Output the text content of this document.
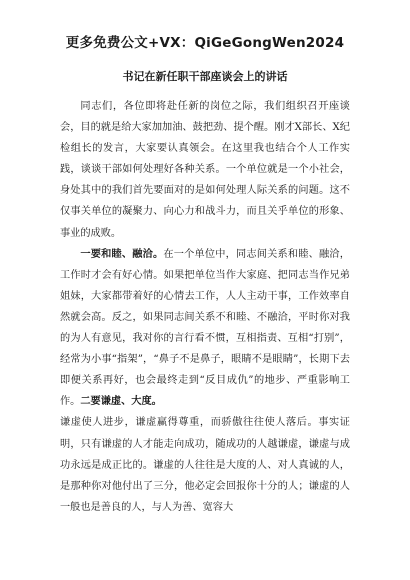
更多免费公文+VX：QiGeGongWen2024
书记在新任职干部座谈会上的讲话

同志们，各位即将赴任新的岗位之际，我们组织召开座谈会，目的就是给大家加加油、鼓把劲、提个醒。刚才X部长、X纪检组长的发言，大家要认真领会。在这里我也结合个人工作实践，谈谈干部如何处理好各种关系。一个单位就是一个小社会，身处其中的我们首先要面对的是如何处理人际关系的问题。这不仅事关单位的凝聚力、向心力和战斗力，而且关乎单位的形象、事业的成败。

一要和睦、融洽。在一个单位中，同志间关系和睦、融洽，工作时才会有好心情。如果把单位当作大家庭、把同志当作兄弟姐妹，大家都带着好的心情去工作，人人主动干事，工作效率自然就会高。反之，如果同志间关系不和睦、不融洽，平时你对我的为人有意见，我对你的言行看不惯，互相指责、互相“打别”，经常为小事“指架”，“鼻子不是鼻子，眼睛不是眼睛”，长期下去即便关系再好，也会最终走到“反目成仇”的地步、严重影响工作。二要谦虚、大度。

谦虚使人进步，谦虚赢得尊重，而骄傲往往使人落后。事实证明，只有谦虚的人才能走向成功，随成功的人越谦虚，谦虚与成功永远是成正比的。谦虚的人往往是大度的人、对人真诚的人，是那种你对他付出了三分，他必定会回报你十分的人；谦虚的人一般也是善良的人，与人为善、宽容大
